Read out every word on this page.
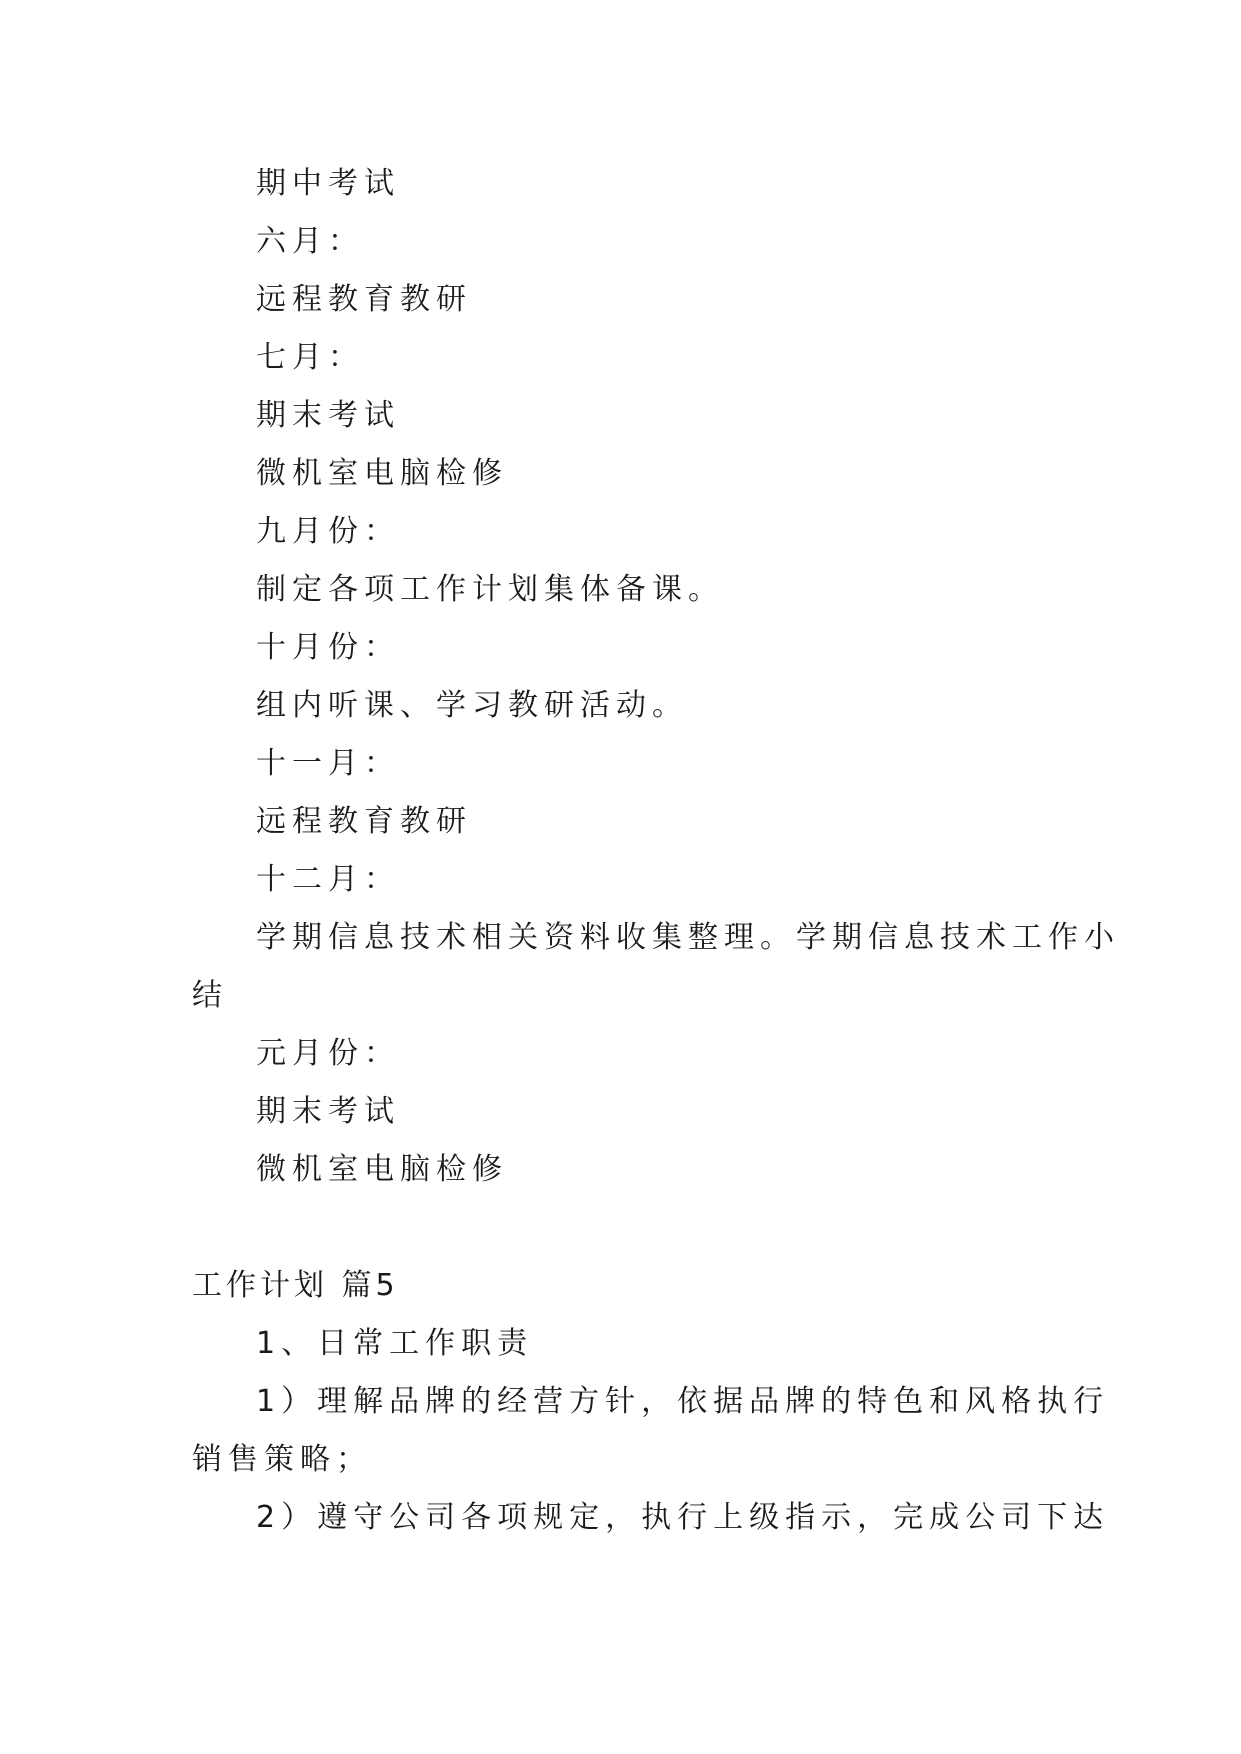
期中考试
六月：
远程教育教研
七月：
期末考试
微机室电脑检修
九月份：
制定各项工作计划集体备课。
十月份：
组内听课、学习教研活动。
十一月：
远程教育教研
十二月：
学期信息技术相关资料收集整理。学期信息技术工作小
结
元月份：
期末考试
微机室电脑检修
工作计划 篇5
1、日常工作职责
1）理解品牌的经营方针，依据品牌的特色和风格执行
销售策略；
2）遵守公司各项规定，执行上级指示，完成公司下达
